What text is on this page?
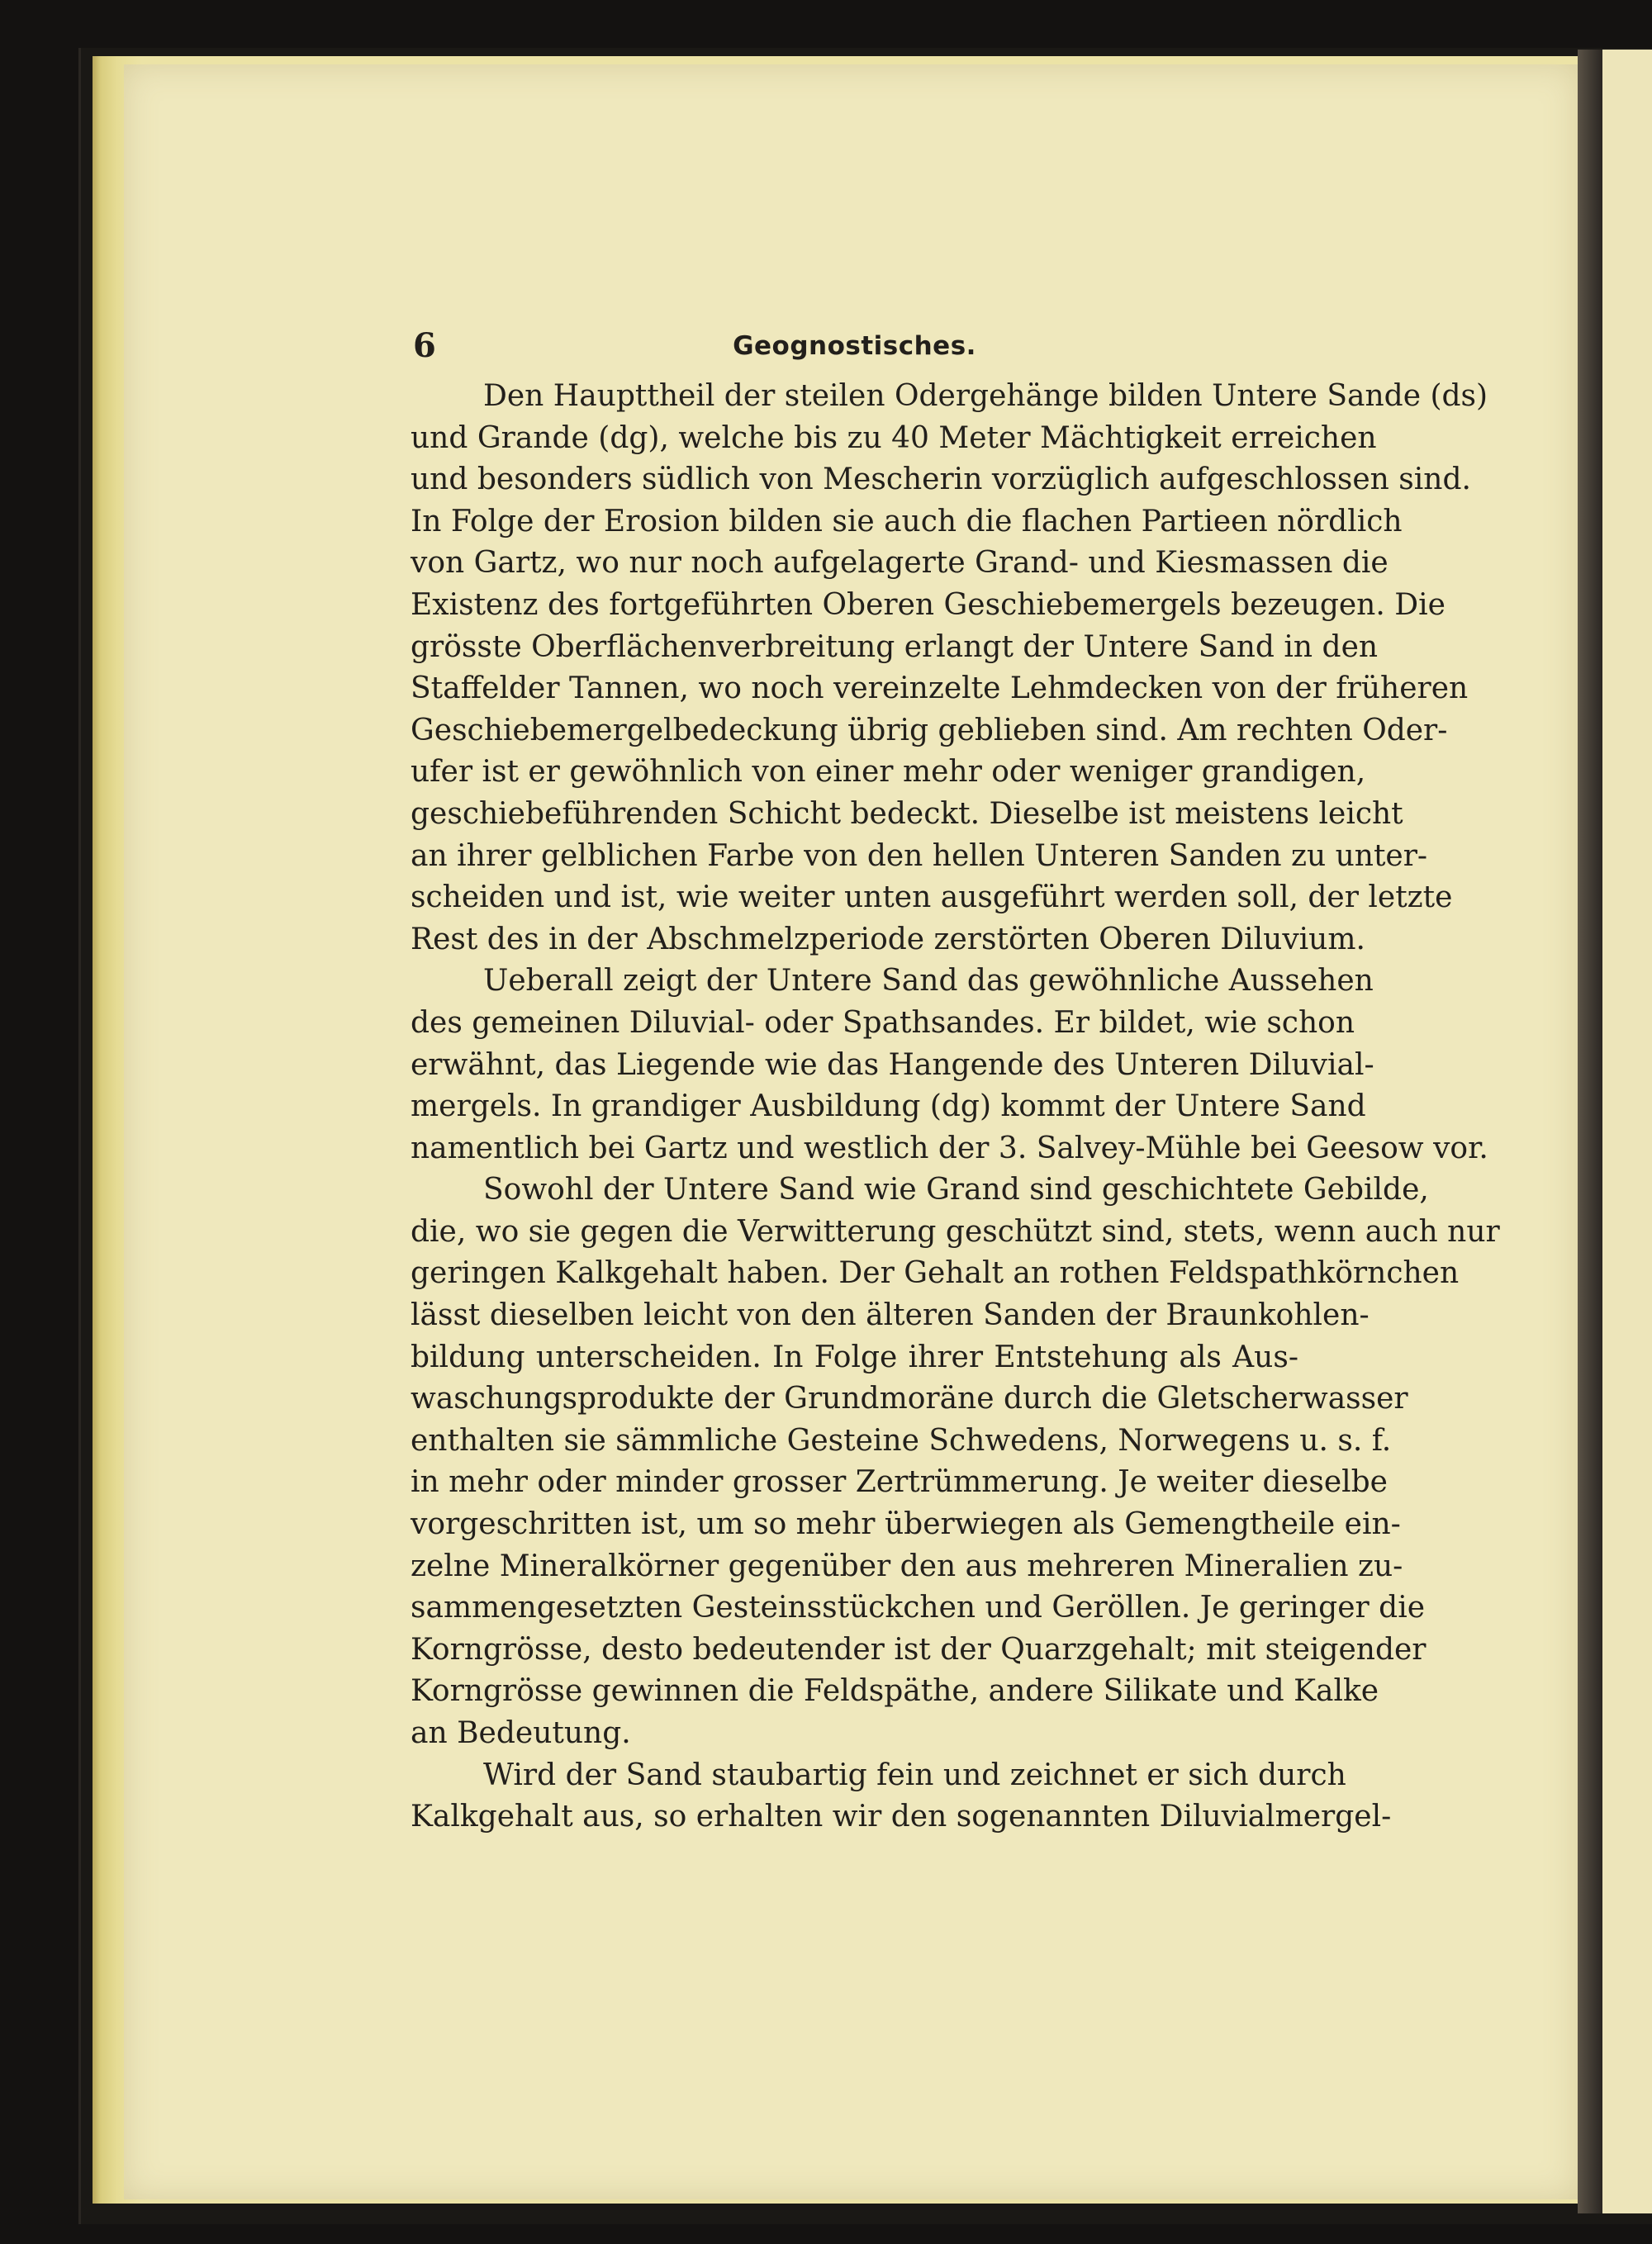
6	Geognostisches.

Den Haupttheil der steilen Odergehänge bilden Untere Sande (ds)
und Grande (dg), welche bis zu 40 Meter Mächtigkeit erreichen
und besonders südlich von Mescherin vorzüglich aufgeschlossen sind.
In Folge der Erosion bilden sie auch die flachen Partieen nördlich
von Gartz, wo nur noch aufgelagerte Grand- und Kiesmassen die
Existenz des fortgeführten Oberen Geschiebemergels bezeugen. Die
grösste Oberflächenverbreitung erlangt der Untere Sand in den
Staffelder Tannen, wo noch vereinzelte Lehmdecken von der früheren
Geschiebemergelbedeckung übrig geblieben sind. Am rechten Oder-
ufer ist er gewöhnlich von einer mehr oder weniger grandigen,
geschiebeführenden Schicht bedeckt. Dieselbe ist meistens leicht
an ihrer gelblichen Farbe von den hellen Unteren Sanden zu unter-
scheiden und ist, wie weiter unten ausgeführt werden soll, der letzte
Rest des in der Abschmelzperiode zerstörten Oberen Diluvium.

Ueberall zeigt der Untere Sand das gewöhnliche Aussehen
des gemeinen Diluvial- oder Spathsandes. Er bildet, wie schon
erwähnt, das Liegende wie das Hangende des Unteren Diluvial-
mergels. In grandiger Ausbildung (dg) kommt der Untere Sand
namentlich bei Gartz und westlich der 3. Salvey-Mühle bei Geesow vor.

Sowohl der Untere Sand wie Grand sind geschichtete Gebilde,
die, wo sie gegen die Verwitterung geschützt sind, stets, wenn auch nur
geringen Kalkgehalt haben. Der Gehalt an rothen Feldspathkörnchen
lässt dieselben leicht von den älteren Sanden der Braunkohlen-
bildung unterscheiden. In Folge ihrer Entstehung als Aus-
waschungsprodukte der Grundmoräne durch die Gletscherwasser
enthalten sie sämmliche Gesteine Schwedens, Norwegens u. s. f.
in mehr oder minder grosser Zertrümmerung. Je weiter dieselbe
vorgeschritten ist, um so mehr überwiegen als Gemengtheile ein-
zelne Mineralkörner gegenüber den aus mehreren Mineralien zu-
sammengesetzten Gesteinsstückchen und Geröllen. Je geringer die
Korngrösse, desto bedeutender ist der Quarzgehalt; mit steigender
Korngrösse gewinnen die Feldspäthe, andere Silikate und Kalke
an Bedeutung.

Wird der Sand staubartig fein und zeichnet er sich durch
Kalkgehalt aus, so erhalten wir den sogenannten Diluvialmergel-
